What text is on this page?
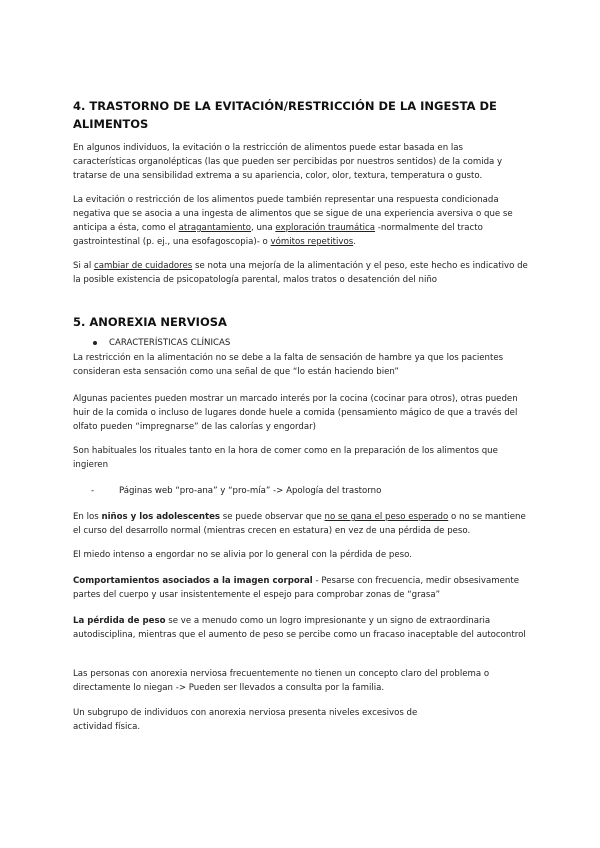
4. TRASTORNO DE LA EVITACIÓN/RESTRICCIÓN DE LA INGESTA DE ALIMENTOS

En algunos individuos, la evitación o la restricción de alimentos puede estar basada en las características organolépticas (las que pueden ser percibidas por nuestros sentidos) de la comida y tratarse de una sensibilidad extrema a su apariencia, color, olor, textura, temperatura o gusto.

La evitación o restricción de los alimentos puede también representar una respuesta condicionada negativa que se asocia a una ingesta de alimentos que se sigue de una experiencia aversiva o que se anticipa a ésta, como el atragantamiento, una exploración traumática -normalmente del tracto gastrointestinal (p. ej., una esofagoscopia)- o vómitos repetitivos.

Si al cambiar de cuidadores se nota una mejoría de la alimentación y el peso, este hecho es indicativo de la posible existencia de psicopatología parental, malos tratos o desatención del niño

5. ANOREXIA NERVIOSA
CARACTERÍSTICAS CLÍNICAS

La restricción en la alimentación no se debe a la falta de sensación de hambre ya que los pacientes consideran esta sensación como una señal de que “lo están haciendo bien”

Algunas pacientes pueden mostrar un marcado interés por la cocina (cocinar para otros), otras pueden huir de la comida o incluso de lugares donde huele a comida (pensamiento mágico de que a través del olfato pueden “impregnarse” de las calorías y engordar)

Son habituales los rituales tanto en la hora de comer como en la preparación de los alimentos que ingieren

-	Páginas web “pro-ana” y “pro-mía” -> Apología del trastorno

En los niños y los adolescentes se puede observar que no se gana el peso esperado o no se mantiene el curso del desarrollo normal (mientras crecen en estatura) en vez de una pérdida de peso.

El miedo intenso a engordar no se alivia por lo general con la pérdida de peso.

Comportamientos asociados a la imagen corporal - Pesarse con frecuencia, medir obsesivamente partes del cuerpo y usar insistentemente el espejo para comprobar zonas de “grasa”

La pérdida de peso se ve a menudo como un logro impresionante y un signo de extraordinaria autodisciplina, mientras que el aumento de peso se percibe como un fracaso inaceptable del autocontrol

Las personas con anorexia nerviosa frecuentemente no tienen un concepto claro del problema o directamente lo niegan -> Pueden ser llevados a consulta por la familia.

Un subgrupo de individuos con anorexia nerviosa presenta niveles excesivos de

actividad física.
